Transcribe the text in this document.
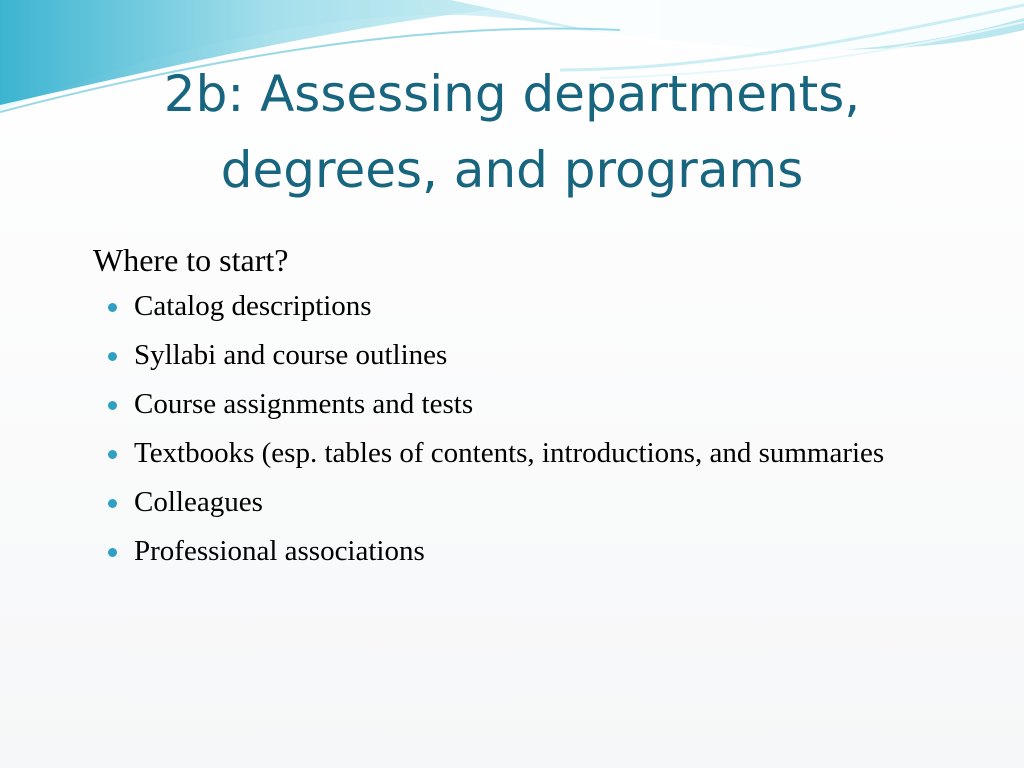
2b: Assessing departments,
degrees, and programs

Where to start?

Catalog descriptions
Syllabi and course outlines
Course assignments and tests
Textbooks (esp. tables of contents, introductions, and summaries
Colleagues
Professional associations
